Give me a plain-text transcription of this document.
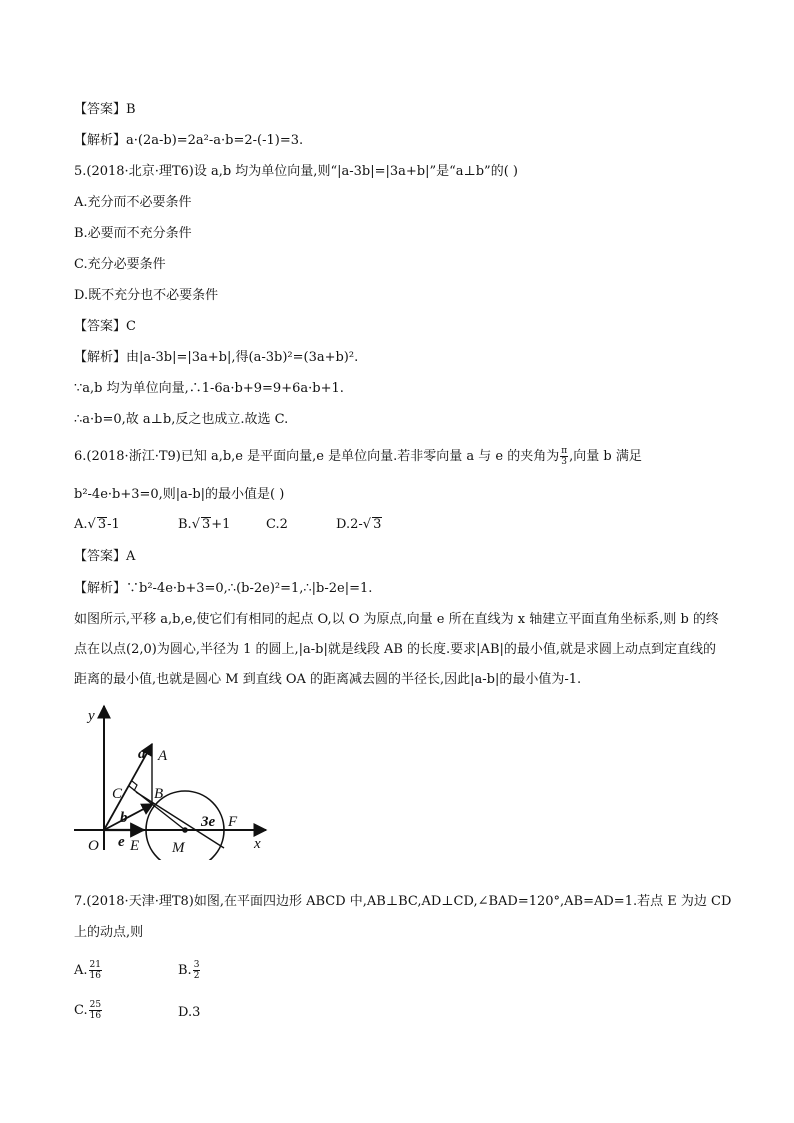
【答案】B
【解析】a·(2a-b)=2a²-a·b=2-(-1)=3.
5.(2018·北京·理T6)设 a,b 均为单位向量,则“|a-3b|=|3a+b|”是“a⊥b”的( )
A.充分而不必要条件
B.必要而不充分条件
C.充分必要条件
D.既不充分也不必要条件
【答案】C
【解析】由|a-3b|=|3a+b|,得(a-3b)²=(3a+b)².
∵a,b 均为单位向量,∴1-6a·b+9=9+6a·b+1.
∴a·b=0,故 a⊥b,反之也成立.故选 C.
6.(2018·浙江·T9)已知 a,b,e 是平面向量,e 是单位向量.若非零向量 a 与 e 的夹角为 $\frac{\pi}{3}$ ,向量 b 满足
b²-4e·b+3=0,则|a-b|的最小值是( )
A.√ 3-1	B.√ 3+1	C.2	D.2-√ 3
【答案】A
【解析】∵b²-4e·b+3=0,∴(b-2e)²=1,∴|b-2e|=1.
如图所示,平移 a,b,e,使它们有相同的起点 O,以 O 为原点,向量 e 所在直线为 x 轴建立平面直角坐标系,则 b 的终点在以点(2,0)为圆心,半径为 1 的圆上,|a-b|就是线段 AB 的长度.要求|AB|的最小值,就是求圆上动点到定直线的距离的最小值,也就是圆心 M 到直线 OA 的距离减去圆的半径长,因此|a-b|的最小值为-1.
y
x
a A
C B
b	3e F
O e E M
7.(2018·天津·理T8)如图,在平面四边形 ABCD 中,AB⊥BC,AD⊥CD,∠BAD=120°,AB=AD=1.若点 E 为边 CD
上的动点,则
A. $\frac{21}{16}$	B. $\frac{3}{2}$
C. $\frac{25}{16}$	D.3
